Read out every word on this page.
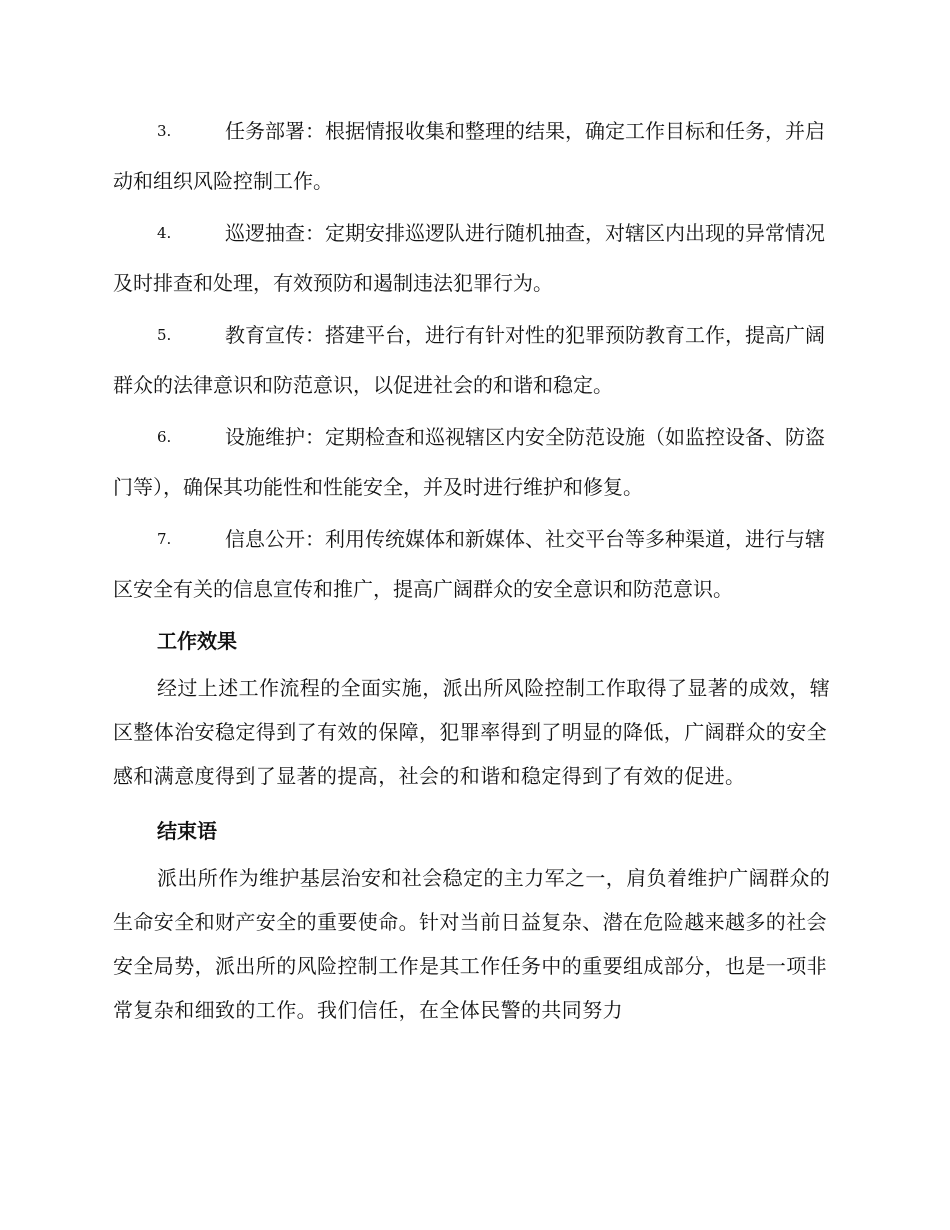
3.	任务部署：根据情报收集和整理的结果，确定工作目标和任务，并启动和组织风险控制工作。
4.	巡逻抽查：定期安排巡逻队进行随机抽查，对辖区内出现的异常情况及时排查和处理，有效预防和遏制违法犯罪行为。
5.	教育宣传：搭建平台，进行有针对性的犯罪预防教育工作，提高广阔群众的法律意识和防范意识，以促进社会的和谐和稳定。
6.	设施维护：定期检查和巡视辖区内安全防范设施（如监控设备、防盗门等），确保其功能性和性能安全，并及时进行维护和修复。
7.	信息公开：利用传统媒体和新媒体、社交平台等多种渠道，进行与辖区安全有关的信息宣传和推广，提高广阔群众的安全意识和防范意识。
工作效果

经过上述工作流程的全面实施，派出所风险控制工作取得了显著的成效，辖区整体治安稳定得到了有效的保障，犯罪率得到了明显的降低，广阔群众的安全感和满意度得到了显著的提高，社会的和谐和稳定得到了有效的促进。

结束语

派出所作为维护基层治安和社会稳定的主力军之一，肩负着维护广阔群众的生命安全和财产安全的重要使命。针对当前日益复杂、潜在危险越来越多的社会安全局势，派出所的风险控制工作是其工作任务中的重要组成部分，也是一项非常复杂和细致的工作。我们信任，在全体民警的共同努力
